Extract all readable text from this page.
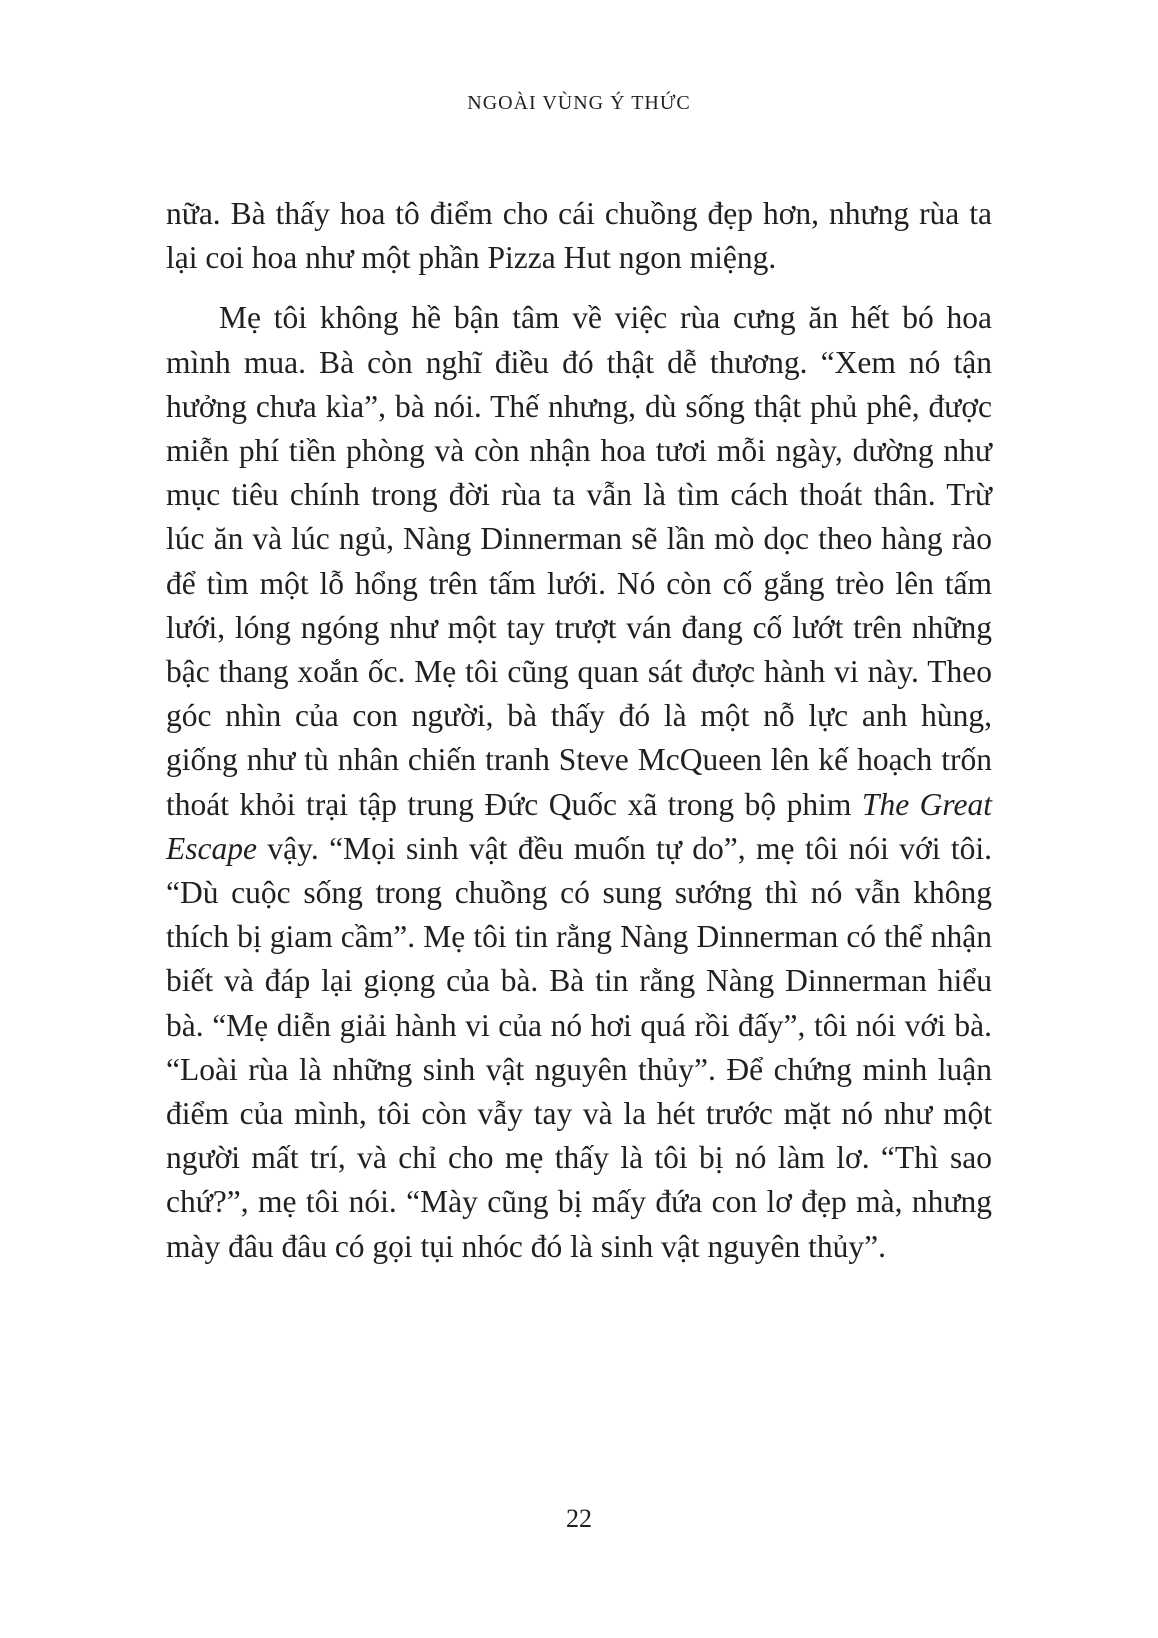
NGOÀI VÙNG Ý THỨC

nữa. Bà thấy hoa tô điểm cho cái chuồng đẹp hơn, nhưng rùa ta lại coi hoa như một phần Pizza Hut ngon miệng.

Mẹ tôi không hề bận tâm về việc rùa cưng ăn hết bó hoa mình mua. Bà còn nghĩ điều đó thật dễ thương. “Xem nó tận hưởng chưa kìa”, bà nói. Thế nhưng, dù sống thật phủ phê, được miễn phí tiền phòng và còn nhận hoa tươi mỗi ngày, dường như mục tiêu chính trong đời rùa ta vẫn là tìm cách thoát thân. Trừ lúc ăn và lúc ngủ, Nàng Dinnerman sẽ lần mò dọc theo hàng rào để tìm một lỗ hổng trên tấm lưới. Nó còn cố gắng trèo lên tấm lưới, lóng ngóng như một tay trượt ván đang cố lướt trên những bậc thang xoắn ốc. Mẹ tôi cũng quan sát được hành vi này. Theo góc nhìn của con người, bà thấy đó là một nỗ lực anh hùng, giống như tù nhân chiến tranh Steve McQueen lên kế hoạch trốn thoát khỏi trại tập trung Đức Quốc xã trong bộ phim The Great Escape vậy. “Mọi sinh vật đều muốn tự do”, mẹ tôi nói với tôi. “Dù cuộc sống trong chuồng có sung sướng thì nó vẫn không thích bị giam cầm”. Mẹ tôi tin rằng Nàng Dinnerman có thể nhận biết và đáp lại giọng của bà. Bà tin rằng Nàng Dinnerman hiểu bà. “Mẹ diễn giải hành vi của nó hơi quá rồi đấy”, tôi nói với bà. “Loài rùa là những sinh vật nguyên thủy”. Để chứng minh luận điểm của mình, tôi còn vẫy tay và la hét trước mặt nó như một người mất trí, và chỉ cho mẹ thấy là tôi bị nó làm lơ. “Thì sao chứ?”, mẹ tôi nói. “Mày cũng bị mấy đứa con lơ đẹp mà, nhưng mày đâu đâu có gọi tụi nhóc đó là sinh vật nguyên thủy”.

22
